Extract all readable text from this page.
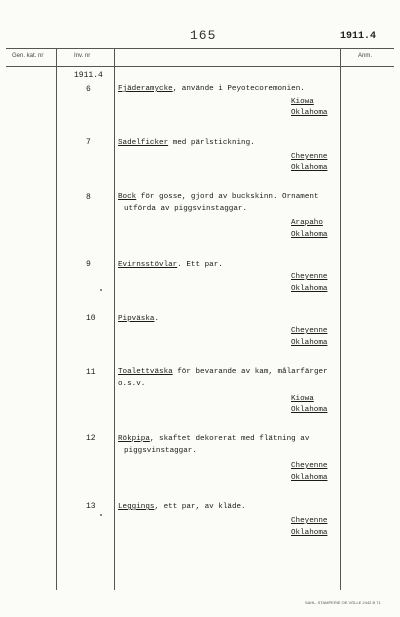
165	1911.4
Gen. kat. nr	Inv. nr	Anm.
1911.4
6	Fjäderamycke, använde i Peyotecoremonien.
Kiowa
Oklahoma
7	Sadelficker med pärlstickning.
Cheyenne
Oklahoma
8	Bock för gosse, gjord av buckskinn. Ornament
utförda av piggsvinstaggar.
Arapaho
Oklahoma
9	Evirnsstövlar. Ett par.
Cheyenne
Oklahoma
10	Pipväska.
Cheyenne
Oklahoma
11	Toalettväska för bevarande av kam, målarfärger
o.s.v.
Kiowa
Oklahoma
12	Rökpipa, skaftet dekorerat med flätning av
piggsvinstaggar.
Cheyenne
Oklahoma
13	Leggings, ett par, av kläde.
Cheyenne
Oklahoma
SAHL, STAMPERIE OE VÖLLE 2442 B 71
